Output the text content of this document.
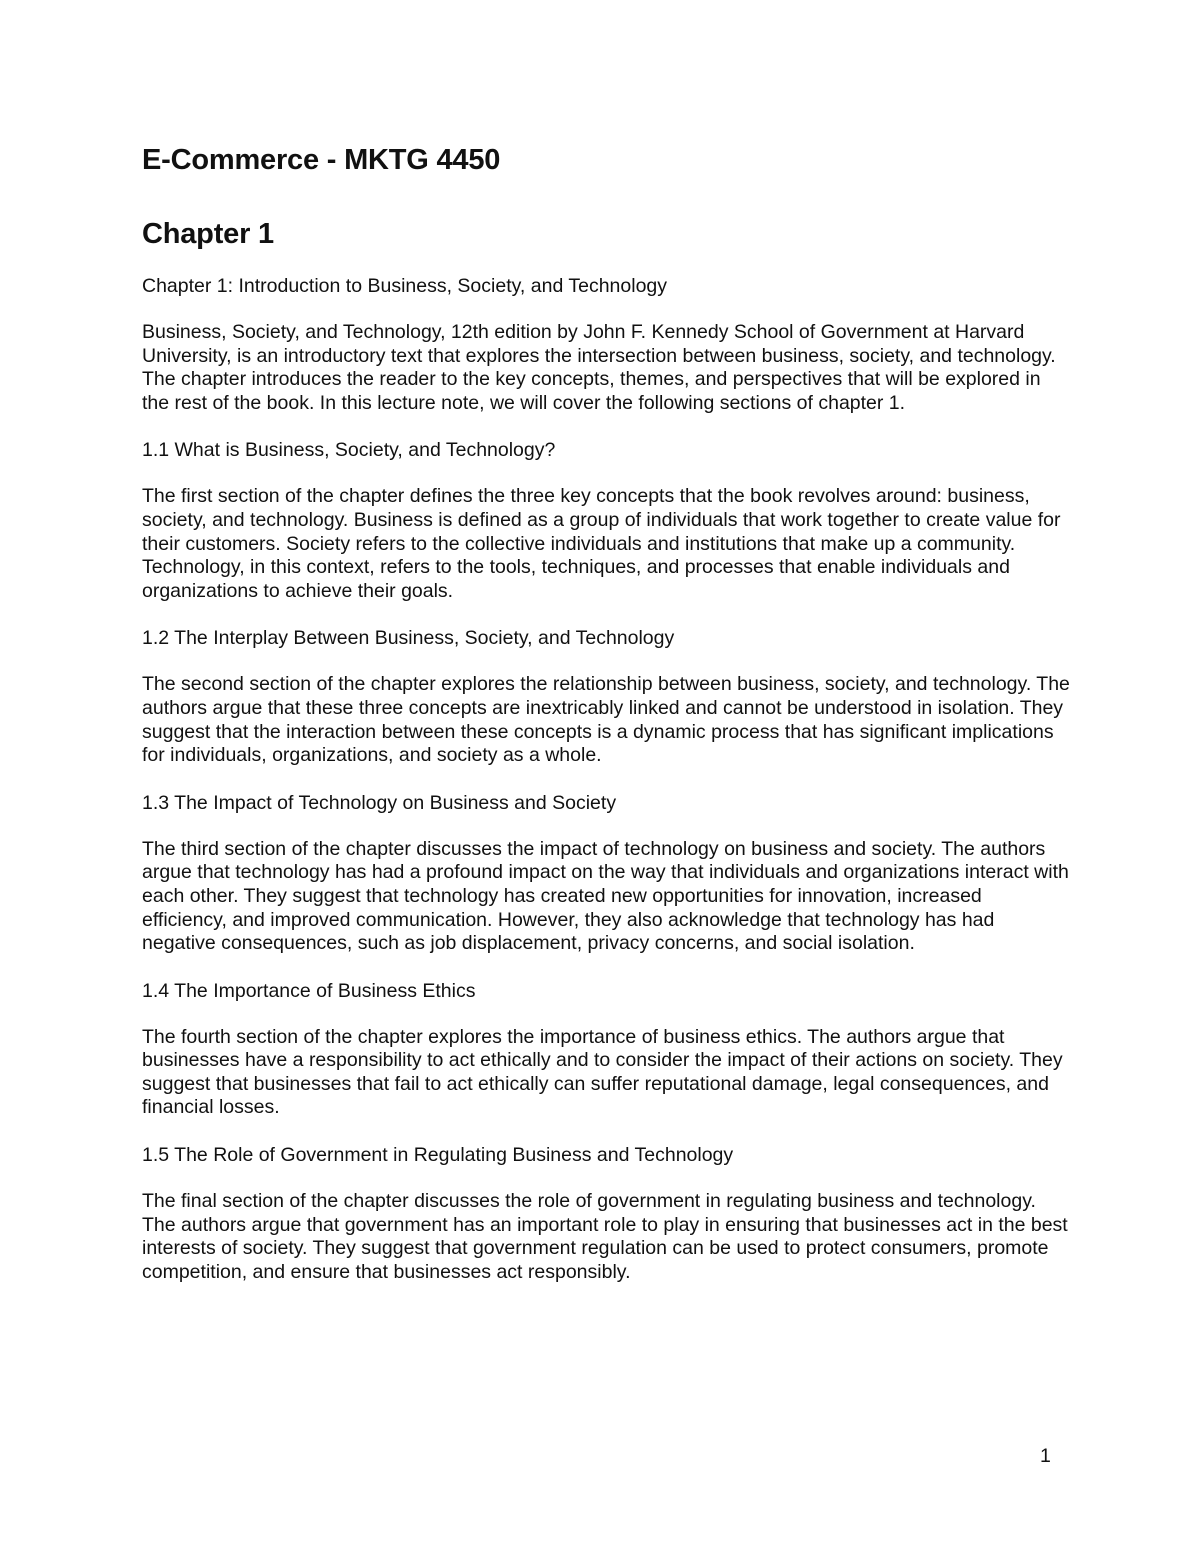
E-Commerce - MKTG 4450
Chapter 1

Chapter 1: Introduction to Business, Society, and Technology

Business, Society, and Technology, 12th edition by John F. Kennedy School of Government at Harvard University, is an introductory text that explores the intersection between business, society, and technology. The chapter introduces the reader to the key concepts, themes, and perspectives that will be explored in the rest of the book. In this lecture note, we will cover the following sections of chapter 1.

1.1 What is Business, Society, and Technology?

The first section of the chapter defines the three key concepts that the book revolves around: business, society, and technology. Business is defined as a group of individuals that work together to create value for their customers. Society refers to the collective individuals and institutions that make up a community. Technology, in this context, refers to the tools, techniques, and processes that enable individuals and organizations to achieve their goals.

1.2 The Interplay Between Business, Society, and Technology

The second section of the chapter explores the relationship between business, society, and technology. The authors argue that these three concepts are inextricably linked and cannot be understood in isolation. They suggest that the interaction between these concepts is a dynamic process that has significant implications for individuals, organizations, and society as a whole.

1.3 The Impact of Technology on Business and Society

The third section of the chapter discusses the impact of technology on business and society. The authors argue that technology has had a profound impact on the way that individuals and organizations interact with each other. They suggest that technology has created new opportunities for innovation, increased efficiency, and improved communication. However, they also acknowledge that technology has had negative consequences, such as job displacement, privacy concerns, and social isolation.

1.4 The Importance of Business Ethics

The fourth section of the chapter explores the importance of business ethics. The authors argue that businesses have a responsibility to act ethically and to consider the impact of their actions on society. They suggest that businesses that fail to act ethically can suffer reputational damage, legal consequences, and financial losses.

1.5 The Role of Government in Regulating Business and Technology

The final section of the chapter discusses the role of government in regulating business and technology. The authors argue that government has an important role to play in ensuring that businesses act in the best interests of society. They suggest that government regulation can be used to protect consumers, promote competition, and ensure that businesses act responsibly.

1
